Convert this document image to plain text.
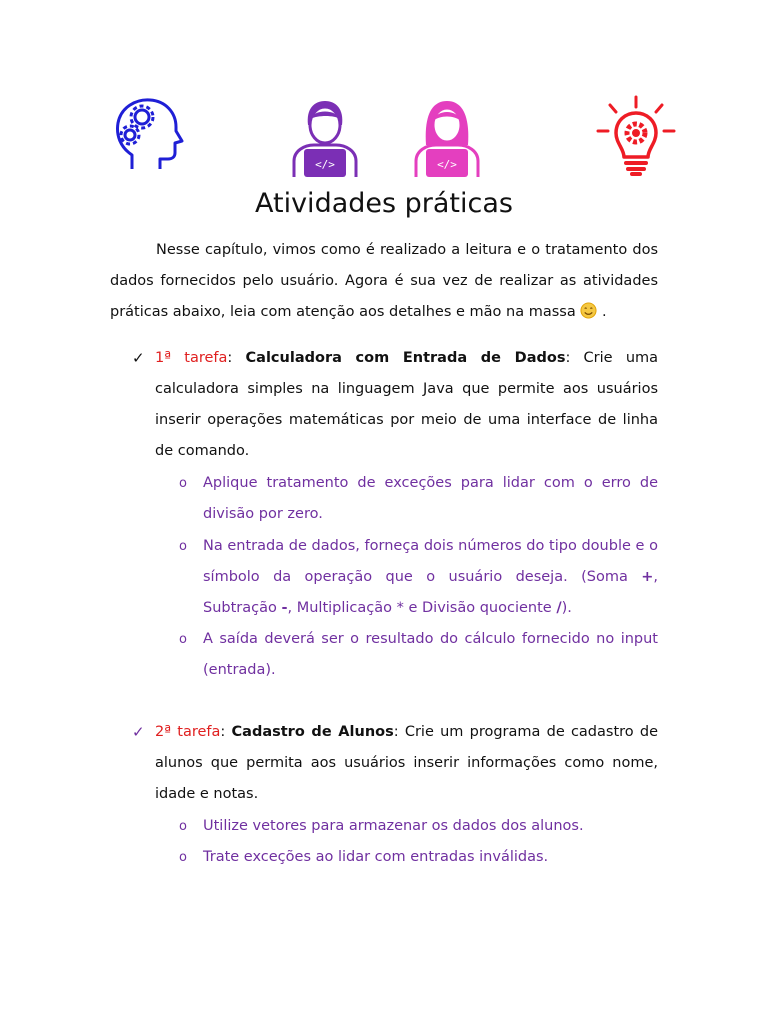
</>	</>
Atividades práticas
Nesse capítulo, vimos como é realizado a leitura e o tratamento dos dados fornecidos pelo usuário. Agora é sua vez de realizar as atividades práticas abaixo, leia com atenção aos detalhes e mão na massa .
✓ 1ª tarefa: Calculadora com Entrada de Dados: Crie uma calculadora simples na linguagem Java que permite aos usuários inserir operações matemáticas por meio de uma interface de linha de comando.
o Aplique tratamento de exceções para lidar com o erro de divisão por zero.
o Na entrada de dados, forneça dois números do tipo double e o símbolo da operação que o usuário deseja. (Soma +, Subtração -, Multiplicação * e Divisão quociente /).
o A saída deverá ser o resultado do cálculo fornecido no input (entrada).
✓ 2ª tarefa: Cadastro de Alunos: Crie um programa de cadastro de alunos que permita aos usuários inserir informações como nome, idade e notas.
o Utilize vetores para armazenar os dados dos alunos.
o Trate exceções ao lidar com entradas inválidas.
